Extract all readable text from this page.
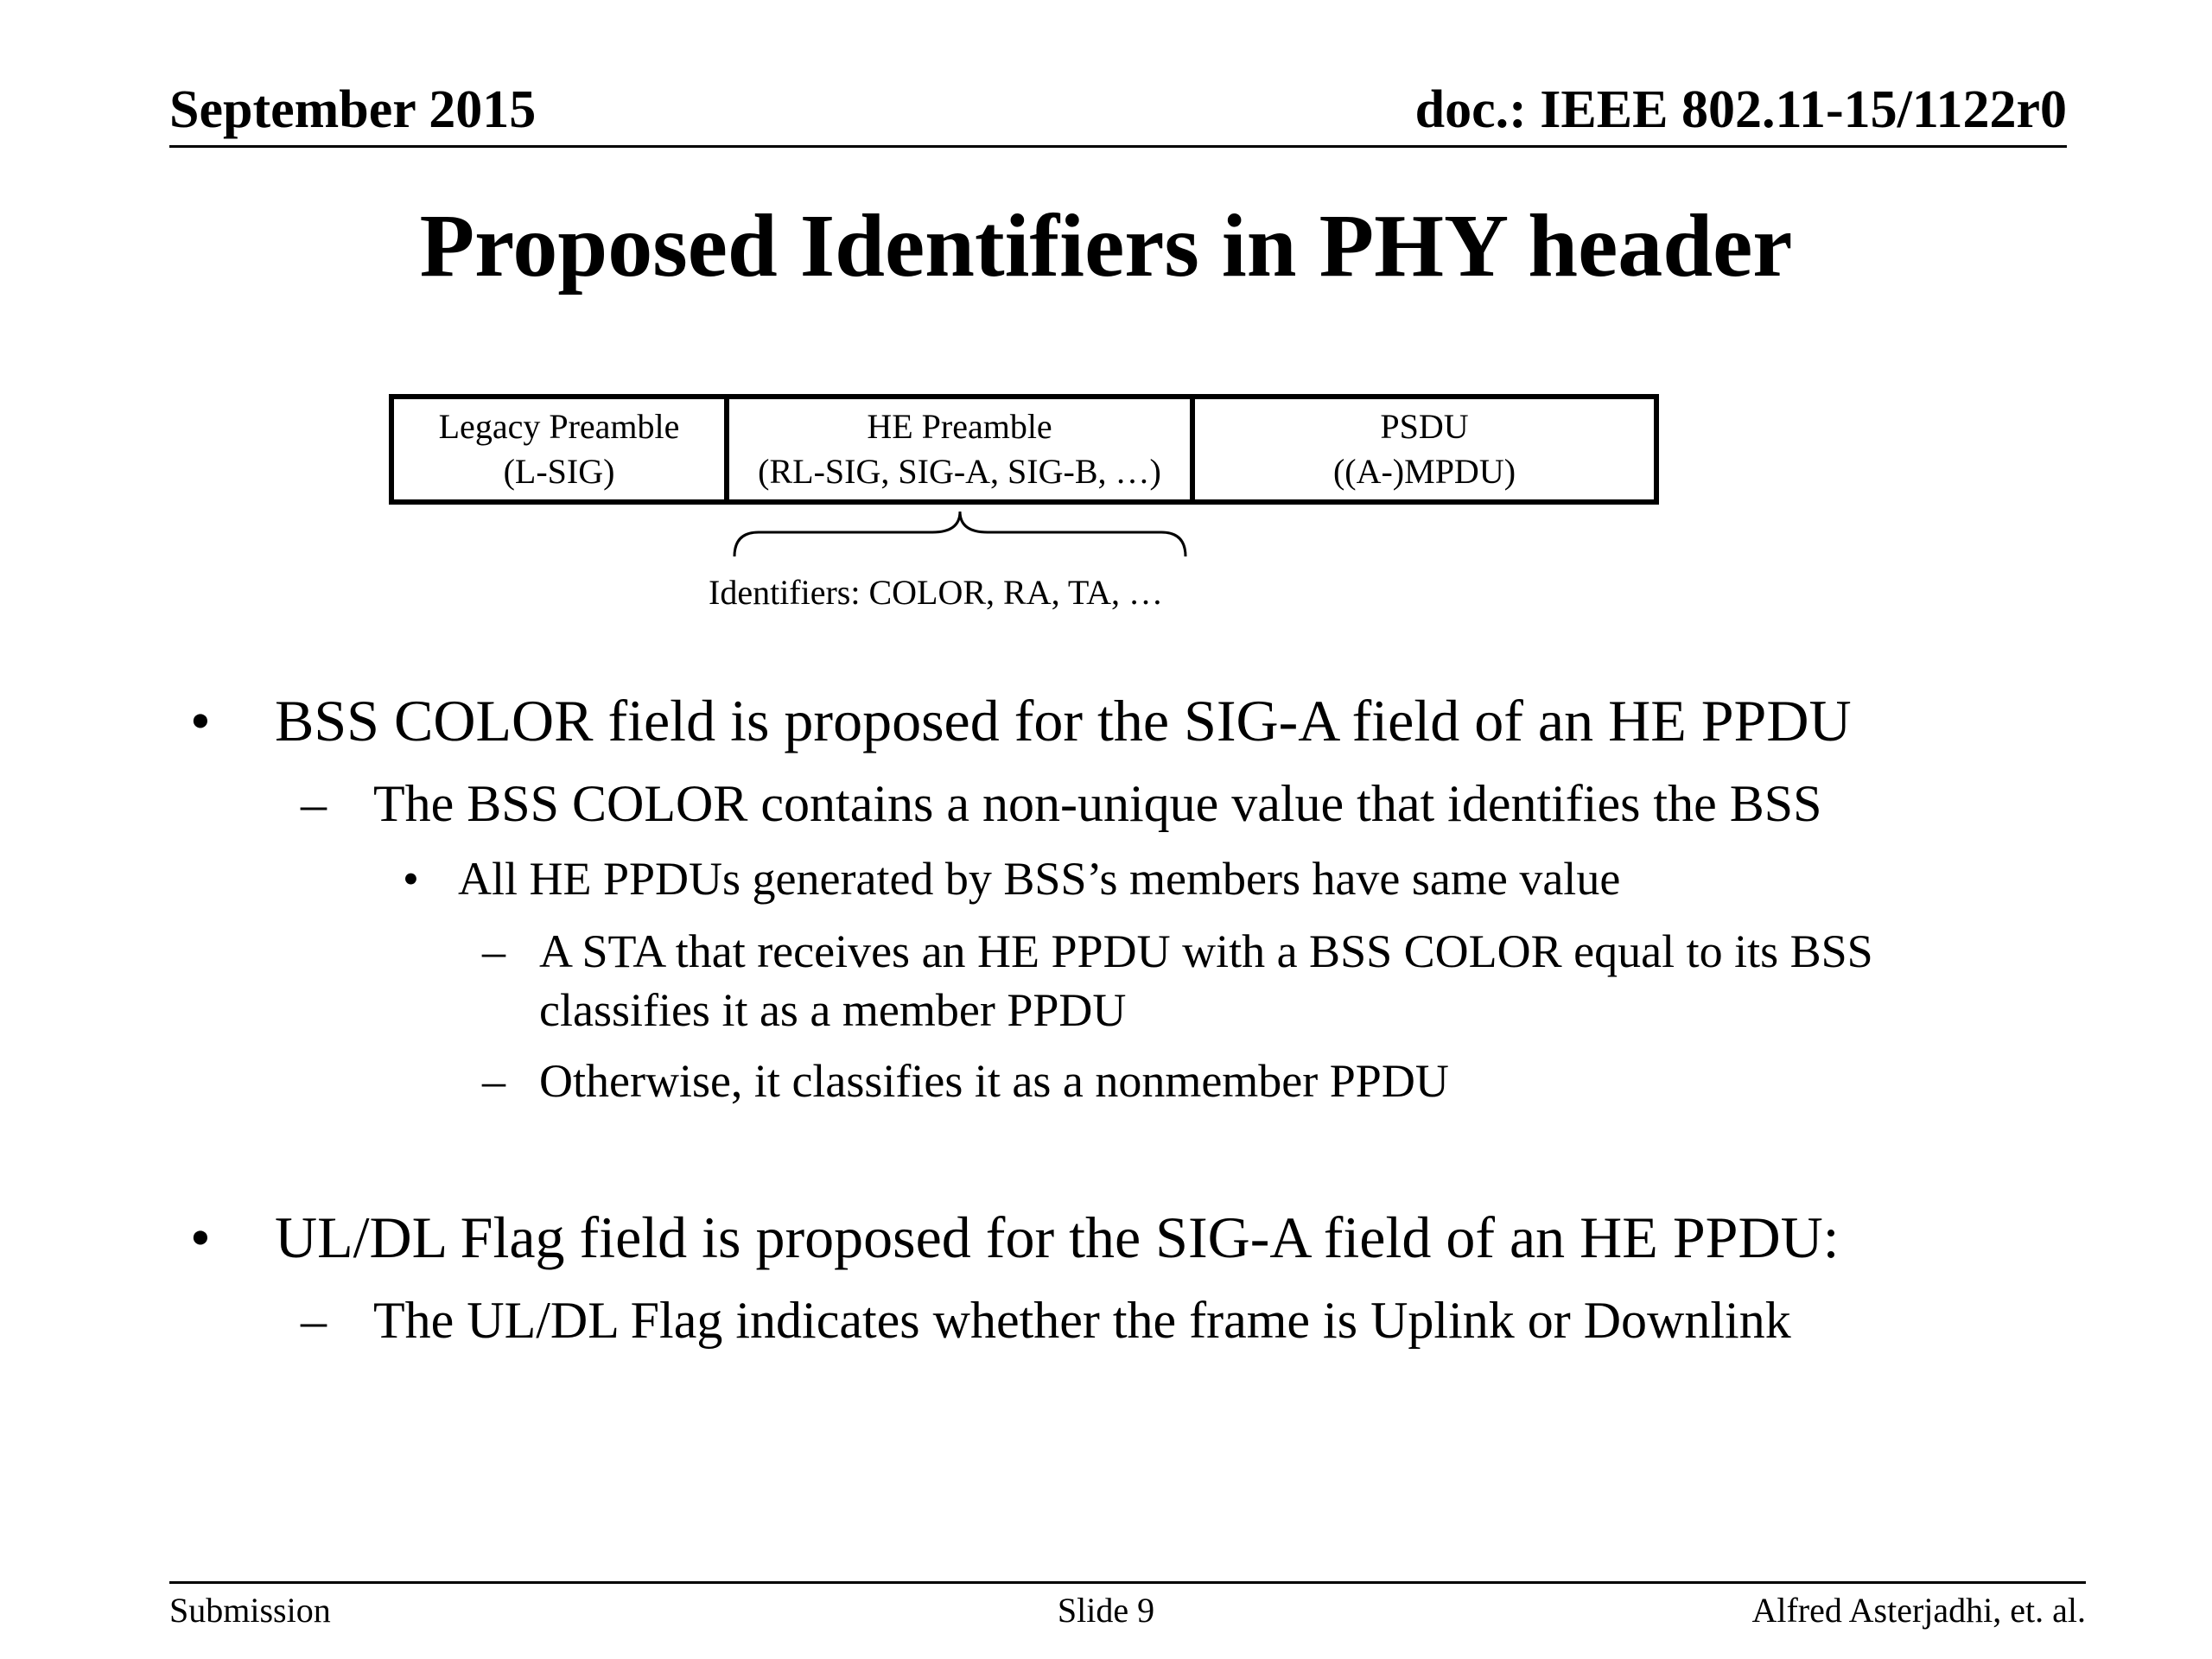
September 2015	doc.: IEEE 802.11-15/1122r0
Proposed Identifiers in PHY header
Legacy Preamble
(L-SIG)
HE Preamble
(RL-SIG, SIG-A, SIG-B, …)
PSDU
((A-)MPDU)
Identifiers: COLOR, RA, TA, …
• BSS COLOR field is proposed for the SIG-A field of an HE PPDU
– The BSS COLOR contains a non-unique value that identifies the BSS
• All HE PPDUs generated by BSS’s members have same value
– A STA that receives an HE PPDU with a BSS COLOR equal to its BSS
classifies it as a member PPDU
– Otherwise, it classifies it as a nonmember PPDU
• UL/DL Flag field is proposed for the SIG-A field of an HE PPDU:
– The UL/DL Flag indicates whether the frame is Uplink or Downlink
Submission	Slide 9	Alfred Asterjadhi, et. al.
